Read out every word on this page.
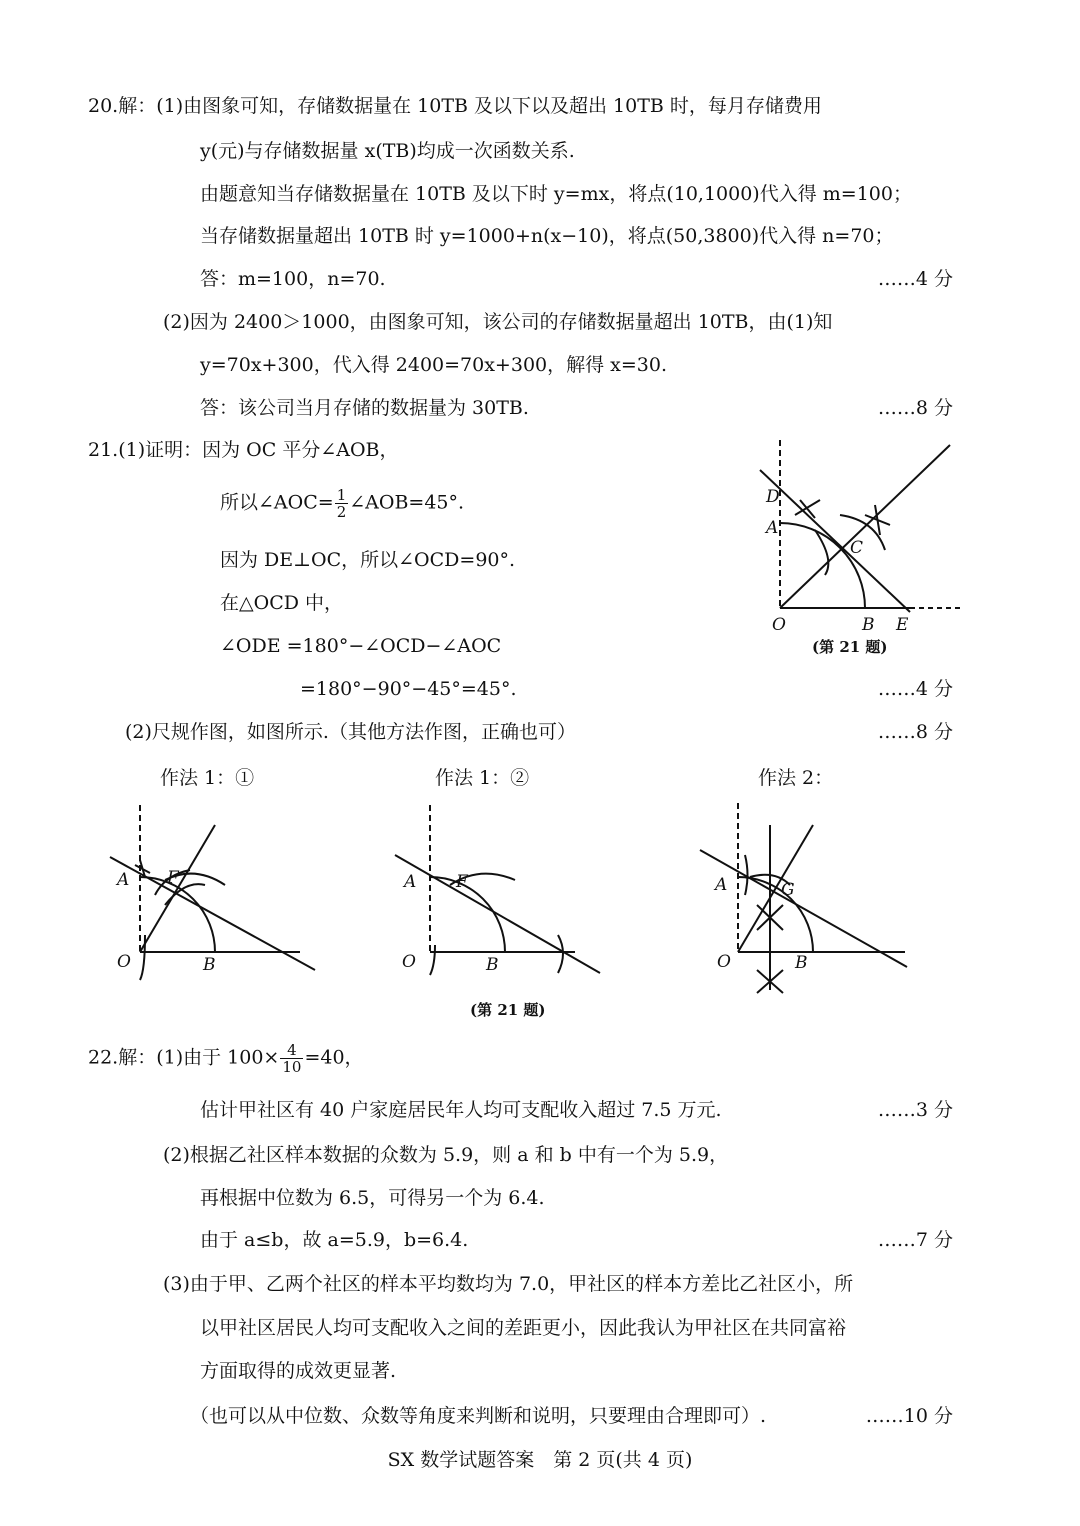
20.解：(1)由图象可知，存储数据量在 10TB 及以下以及超出 10TB 时，每月存储费用
y(元)与存储数据量 x(TB)均成一次函数关系.
由题意知当存储数据量在 10TB 及以下时 y=mx，将点(10,1000)代入得 m=100；
当存储数据量超出 10TB 时 y=1000+n(x−10)，将点(50,3800)代入得 n=70；
答：m=100，n=70.	……4 分
(2)因为 2400＞1000，由图象可知，该公司的存储数据量超出 10TB，由(1)知
y=70x+300，代入得 2400=70x+300，解得 x=30.
答：该公司当月存储的数据量为 30TB.	……8 分
21.(1)证明：因为 OC 平分∠AOB，
所以∠AOC= $\frac{1}{2}$ ∠AOB=45°.
因为 DE⊥OC，所以∠OCD=90°.
在△OCD 中，
∠ODE =180°−∠OCD−∠AOC
=180°−90°−45°=45°.	……4 分
(2)尺规作图，如图所示.（其他方法作图，正确也可）	……8 分
D
A
C
O	B E
(第 21 题)
作法 1：①	作法 1：②	作法 2：
A F
O	B
A F
O	B
A	G
O	B
(第 21 题)
22.解：(1)由于 $100\times \frac{4}{10} =40$，
估计甲社区有 40 户家庭居民年人均可支配收入超过 7.5 万元.	……3 分
(2)根据乙社区样本数据的众数为 5.9，则 a 和 b 中有一个为 5.9，
再根据中位数为 6.5，可得另一个为 6.4.
由于 a≤b，故 a=5.9，b=6.4.	……7 分
(3)由于甲、乙两个社区的样本平均数均为 7.0，甲社区的样本方差比乙社区小，所
以甲社区居民人均可支配收入之间的差距更小，因此我认为甲社区在共同富裕
方面取得的成效更显著.
（也可以从中位数、众数等角度来判断和说明，只要理由合理即可）.	……10 分
SX 数学试题答案　第 2 页(共 4 页)
